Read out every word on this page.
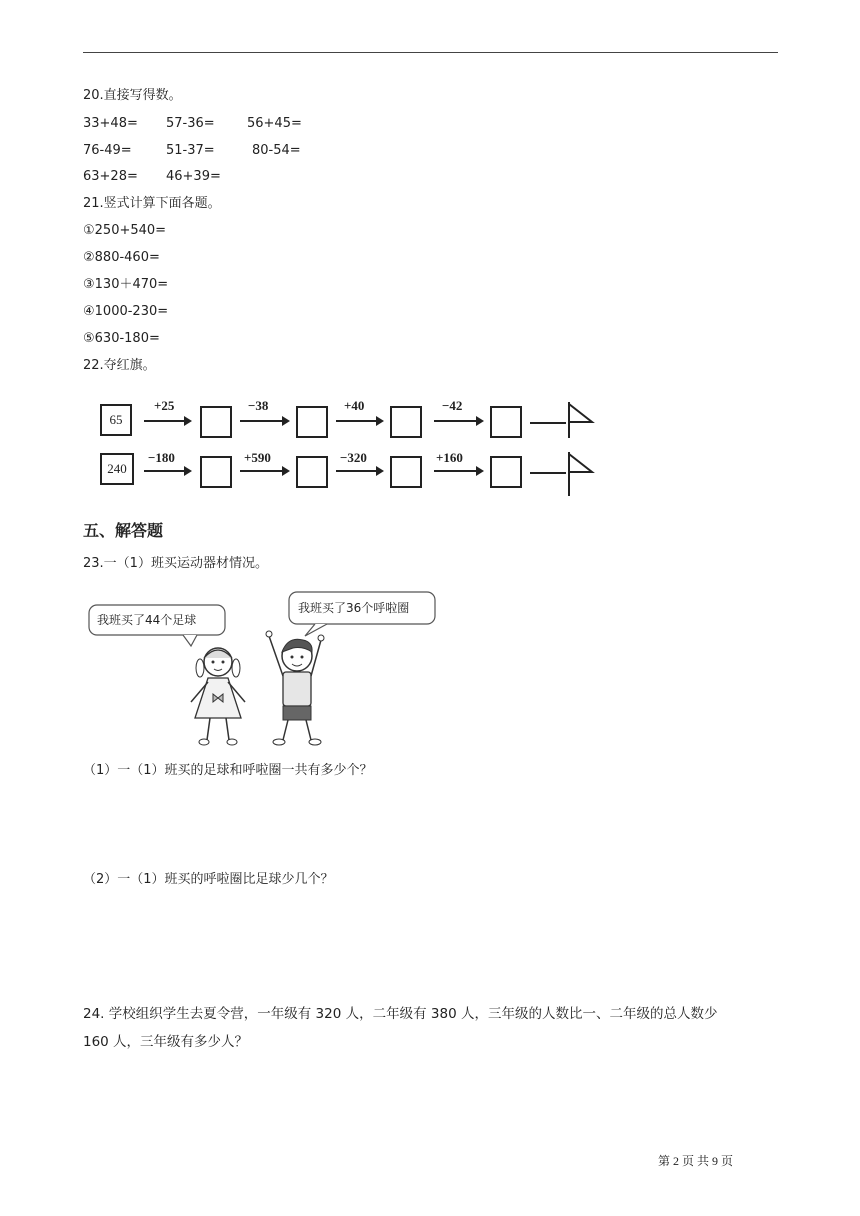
20.直接写得数。
33+48= 57-36= 56+45=
76-49=	51-37=	80-54=
63+28= 46+39=
21.竖式计算下面各题。
①250+540=
②880-460=
③130＋470=
④1000-230=
⑤630-180=
22.夺红旗。
65
+25	−38	+40	−42
240
−180	+590	−320	+160
五、解答题
23.一（1）班买运动器材情况。
我班买了44个足球
我班买了36个呼啦圈
（1）一（1）班买的足球和呼啦圈一共有多少个？
（2）一（1）班买的呼啦圈比足球少几个？
24. 学校组织学生去夏令营，一年级有 320 人，二年级有 380 人，三年级的人数比一、二年级的总人数少
160 人，三年级有多少人？
第 2 页 共 9 页
